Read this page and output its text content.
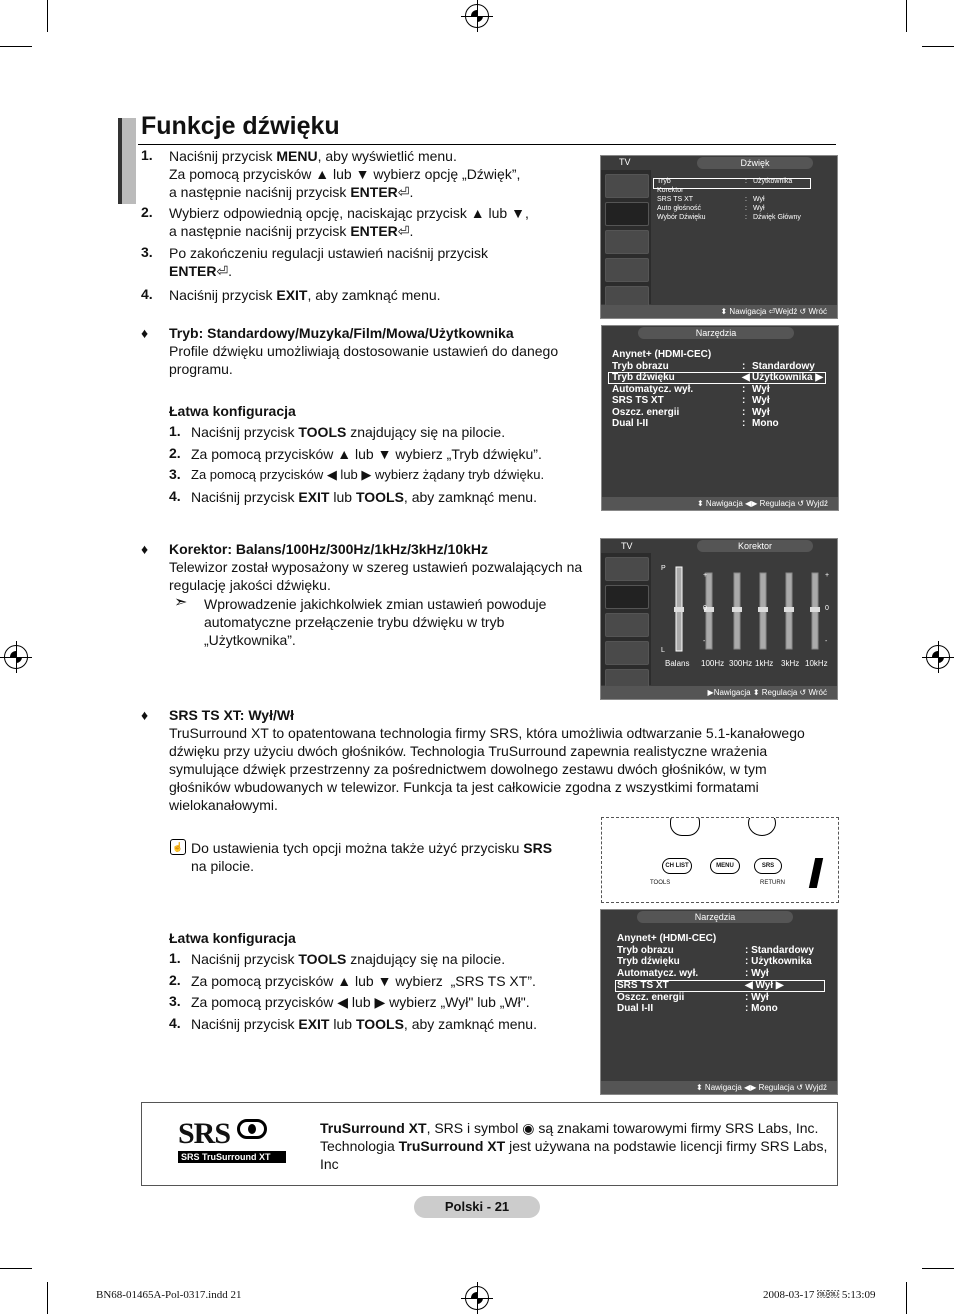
Funkcje dźwięku
1. Naciśnij przycisk MENU, aby wyświetlić menu.
Za pomocą przycisków ▲ lub ▼ wybierz opcję „Dźwięk”,
a następnie naciśnij przycisk ENTER⏎.
2. Wybierz odpowiednią opcję, naciskając przycisk ▲ lub ▼,
a następnie naciśnij przycisk ENTER⏎.
3. Po zakończeniu regulacji ustawień naciśnij przycisk
ENTER⏎.
4. Naciśnij przycisk EXIT, aby zamknąć menu.
♦ Tryb: Standardowy/Muzyka/Film/Mowa/Użytkownika
Profile dźwięku umożliwiają dostosowanie ustawień do danego programu.
Łatwa konfiguracja
1. Naciśnij przycisk TOOLS znajdujący się na pilocie.
2. Za pomocą przycisków ▲ lub ▼ wybierz „Tryb dźwięku”.
3. Za pomocą przycisków ◀ lub ▶ wybierz żądany tryb dźwięku.
4. Naciśnij przycisk EXIT lub TOOLS, aby zamknąć menu.
♦ Korektor: Balans/100Hz/300Hz/1kHz/3kHz/10kHz
Telewizor został wyposażony w szereg ustawień pozwalających na regulację jakości dźwięku.
➣ Wprowadzenie jakichkolwiek zmian ustawień powoduje automatyczne przełączenie trybu dźwięku w tryb „Użytkownika”.
♦ SRS TS XT: Wył/Wł
TruSurround XT to opatentowana technologia firmy SRS, która umożliwia odtwarzanie 5.1-kanałowego dźwięku przy użyciu dwóch głośników. Technologia TruSurround zapewnia realistyczne wrażenia symulujące dźwięk przestrzenny za pośrednictwem dowolnego zestawu dwóch głośników, w tym głośników wbudowanych w telewizor. Funkcja ta jest całkowicie zgodna z wszystkimi formatami wielokanałowymi.
☝ Do ustawienia tych opcji można także użyć przycisku SRS
na pilocie.
Łatwa konfiguracja
1. Naciśnij przycisk TOOLS znajdujący się na pilocie.
2. Za pomocą przycisków ▲ lub ▼ wybierz  „SRS TS XT”.
3. Za pomocą przycisków ◀ lub ▶ wybierz „Wył" lub „Wł".
4. Naciśnij przycisk EXIT lub TOOLS, aby zamknąć menu.
TV	Dźwięk
Tryb	: Użytkownika
Korektor
SRS TS XT	: Wył
Auto głośność	: Wył
Wybór Dźwięku	: Dźwięk Główny
⬍ Nawigacja ⏎Wejdź ↺ Wróć
Narzędzia
Anynet+ (HDMI-CEC)
Tryb obrazu	: Standardowy
Tryb dźwięku	◀ Użytkownika ▶
Automatycz. wył.	: Wył
SRS TS XT	: Wył
Oszcz. energii	: Wył
Dual I-II	: Mono
⬍ Nawigacja ◀▶ Regulacja ↺ Wyjdź
TV	Korektor
P
L
+	+
0	0
-	-
Balans 100Hz 300Hz 1kHz 3kHz 10kHz
▶Nawigacja ⬍ Regulacja ↺ Wróć
CH LIST	MENU	SRS
TOOLS	RETURN
Narzędzia
Anynet+ (HDMI-CEC)
Tryb obrazu	: Standardowy
Tryb dźwięku	: Użytkownika
Automatycz. wył.	: Wył
SRS TS XT	◀ Wył ▶
Oszcz. energii	: Wył
Dual I-II	: Mono
⬍ Nawigacja ◀▶ Regulacja ↺ Wyjdź
SRS
SRS TruSurround XT
TruSurround XT, SRS i symbol ◉ są znakami towarowymi firmy SRS Labs, Inc. Technologia TruSurround XT jest używana na podstawie licencji firmy SRS Labs, Inc
Polski - 21
BN68-01465A-Pol-0317.indd 21	2008-03-17 ￼￼ 5:13:09
